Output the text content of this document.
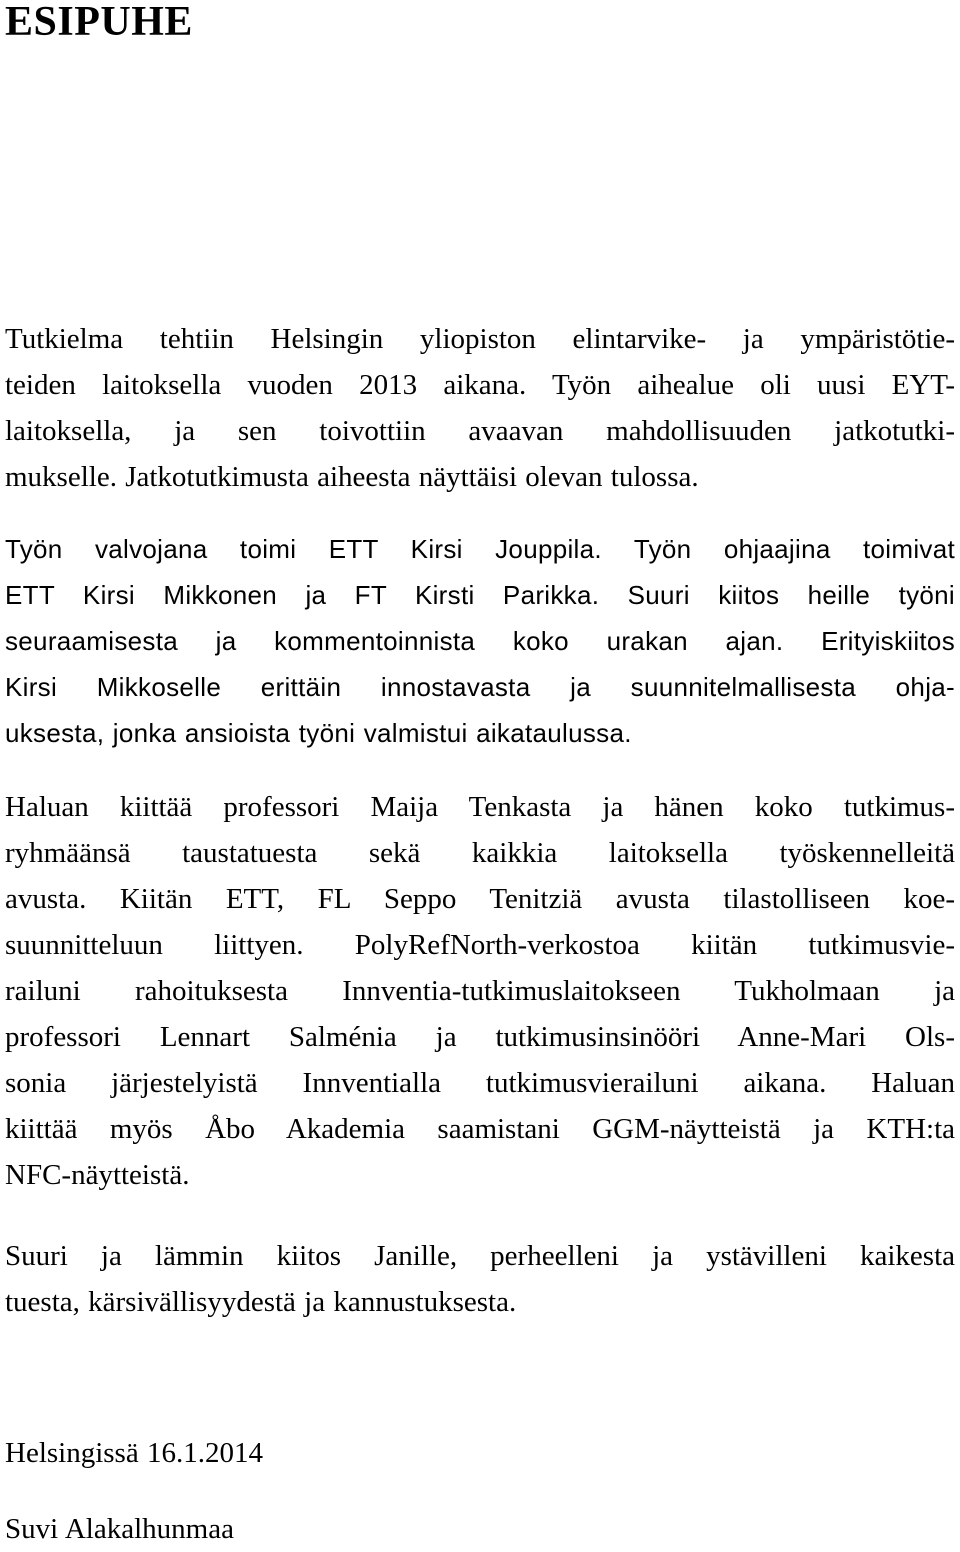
ESIPUHE

Tutkielma tehtiin Helsingin yliopiston elintarvike- ja ympäristötie-
teiden laitoksella vuoden 2013 aikana. Työn aihealue oli uusi EYT-
laitoksella, ja sen toivottiin avaavan mahdollisuuden jatkotutki-
mukselle. Jatkotutkimusta aiheesta näyttäisi olevan tulossa.

Työn valvojana toimi ETT Kirsi Jouppila. Työn ohjaajina toimivat
ETT Kirsi Mikkonen ja FT Kirsti Parikka. Suuri kiitos heille työni
seuraamisesta ja kommentoinnista koko urakan ajan. Erityiskiitos
Kirsi Mikkoselle erittäin innostavasta ja suunnitelmallisesta ohja-
uksesta, jonka ansioista työni valmistui aikataulussa.

Haluan kiittää professori Maija Tenkasta ja hänen koko tutkimus-
ryhmäänsä taustatuesta sekä kaikkia laitoksella työskennelleitä
avusta. Kiitän ETT, FL Seppo Tenitziä avusta tilastolliseen koe-
suunnitteluun liittyen. PolyRefNorth-verkostoa kiitän tutkimusvie-
railuni rahoituksesta Innventia-tutkimuslaitokseen Tukholmaan ja
professori Lennart Salménia ja tutkimusinsinööri Anne-Mari Ols-
sonia järjestelyistä Innventialla tutkimusvierailuni aikana. Haluan
kiittää myös Åbo Akademia saamistani GGM-näytteistä ja KTH:ta
NFC-näytteistä.

Suuri ja lämmin kiitos Janille, perheelleni ja ystävilleni kaikesta
tuesta, kärsivällisyydestä ja kannustuksesta.

Helsingissä 16.1.2014

Suvi Alakalhunmaa
